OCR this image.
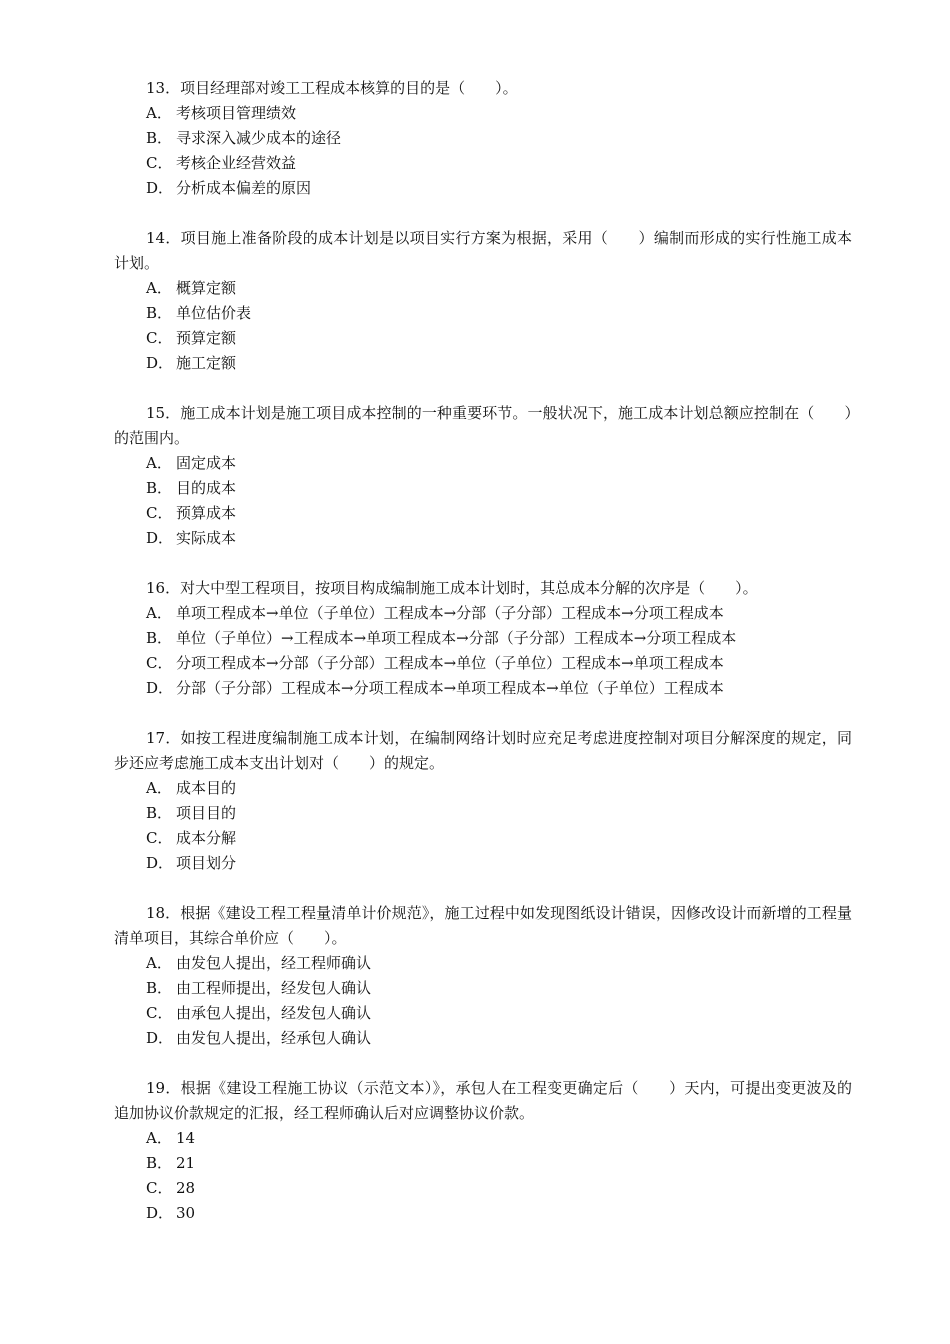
13．项目经理部对竣工工程成本核算的目的是（　　）。

A． 考核项目管理绩效
B． 寻求深入减少成本的途径
C． 考核企业经营效益
D． 分析成本偏差的原因

14．项目施上准备阶段的成本计划是以项目实行方案为根据，采用（　　）编制而形成的实行性施工成本计划。

A． 概算定额
B． 单位估价表
C． 预算定额
D． 施工定额

15．施工成本计划是施工项目成本控制的一种重要环节。一般状况下，施工成本计划总额应控制在（　　）的范围内。

A． 固定成本
B． 目的成本
C． 预算成本
D． 实际成本

16．对大中型工程项目，按项目构成编制施工成本计划时，其总成本分解的次序是（　　）。

A． 单项工程成本→单位（子单位）工程成本→分部（子分部）工程成本→分项工程成本
B． 单位（子单位）→工程成本→单项工程成本→分部（子分部）工程成本→分项工程成本
C． 分项工程成本→分部（子分部）工程成本→单位（子单位）工程成本→单项工程成本
D． 分部（子分部）工程成本→分项工程成本→单项工程成本→单位（子单位）工程成本

17．如按工程进度编制施工成本计划，在编制网络计划时应充足考虑进度控制对项目分解深度的规定，同步还应考虑施工成本支出计划对（　　）的规定。

A． 成本目的
B． 项目目的
C． 成本分解
D． 项目划分

18．根据《建设工程工程量清单计价规范》，施工过程中如发现图纸设计错误，因修改设计而新增的工程量清单项目，其综合单价应（　　）。

A． 由发包人提出，经工程师确认
B． 由工程师提出，经发包人确认
C． 由承包人提出，经发包人确认
D． 由发包人提出，经承包人确认

19．根据《建设工程施工协议（示范文本）》，承包人在工程变更确定后（　　）天内，可提出变更波及的追加协议价款规定的汇报，经工程师确认后对应调整协议价款。

A． 14
B． 21
C． 28
D． 30
